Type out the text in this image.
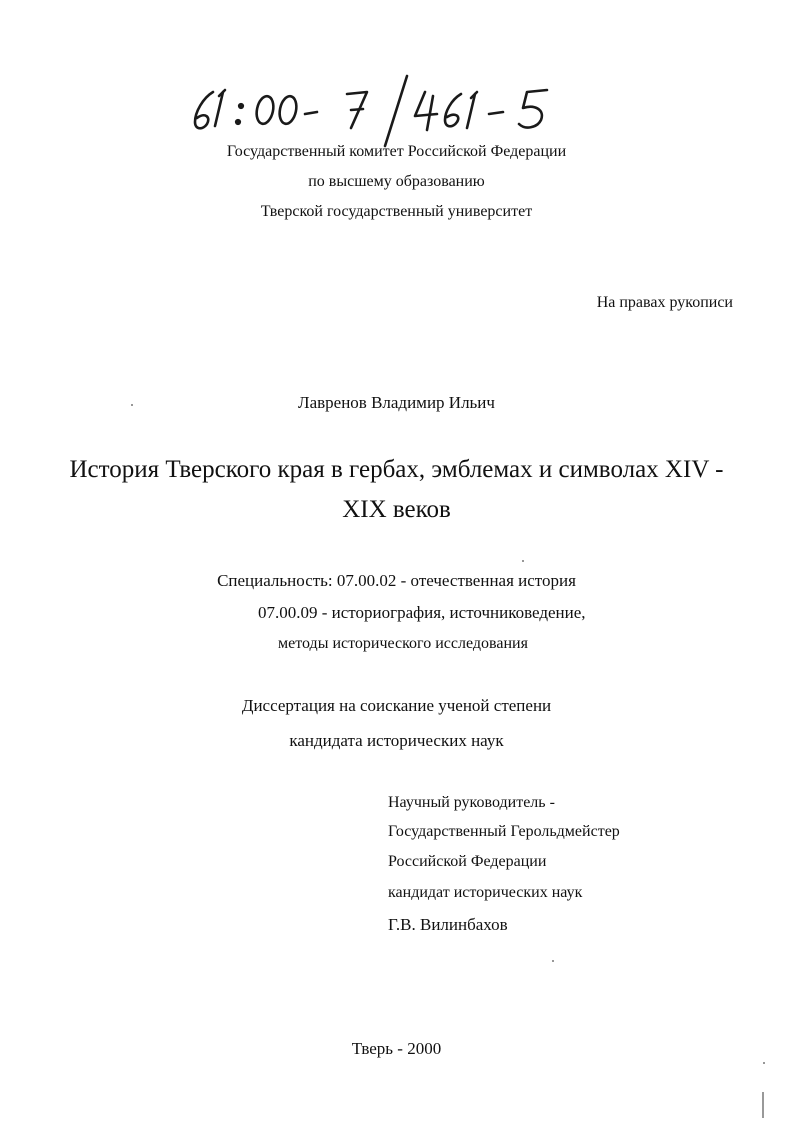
Государственный комитет Российской Федерации
по высшему образованию
Тверской государственный университет
На правах рукописи
Лавренов Владимир Ильич
История Тверского края в гербах, эмблемах и символах XIV -
XIX веков
Специальность: 07.00.02 - отечественная история
07.00.09 - историография, источниковедение,
методы исторического исследования
Диссертация на соискание ученой степени
кандидата исторических наук
Научный руководитель -
Государственный Герольдмейстер
Российской Федерации
кандидат исторических наук
Г.В. Вилинбахов
Тверь - 2000
